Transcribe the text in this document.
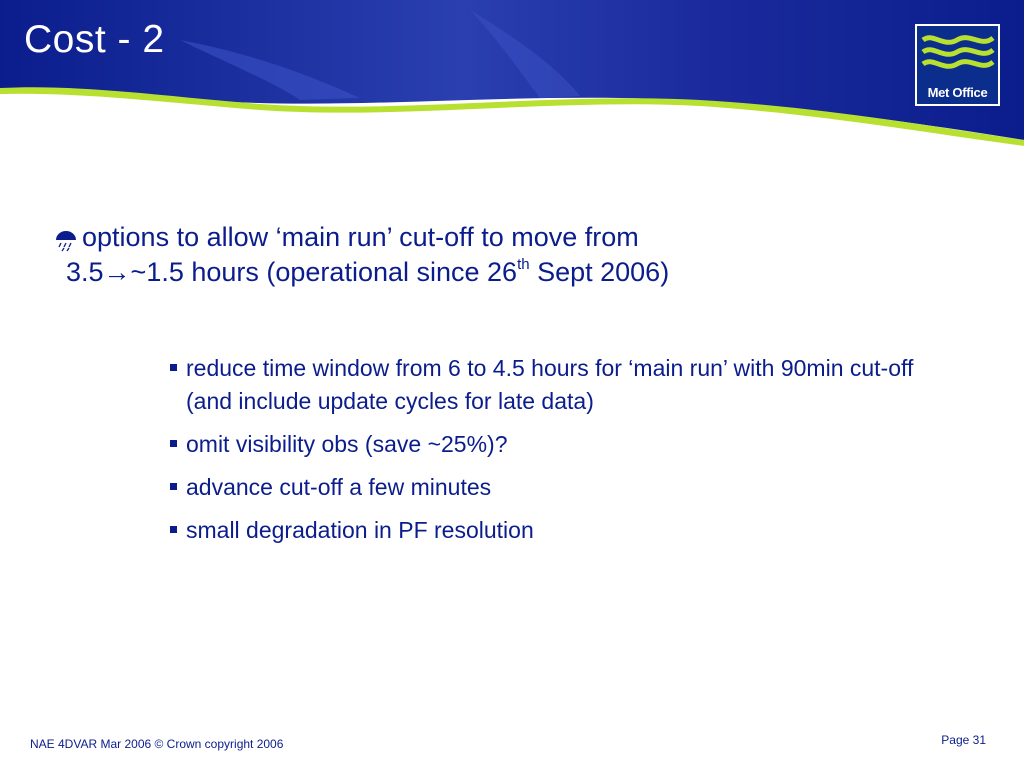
Cost - 2
Met Office
options to allow ‘main run’ cut-off to move from
3.5→~1.5 hours (operational since 26th Sept 2006)
reduce time window from 6 to 4.5 hours for ‘main run’ with 90min cut-off (and include update cycles for late data)
omit visibility obs (save ~25%)?
advance cut-off a few minutes
small degradation in PF resolution
NAE 4DVAR Mar 2006 © Crown copyright 2006	Page 31
